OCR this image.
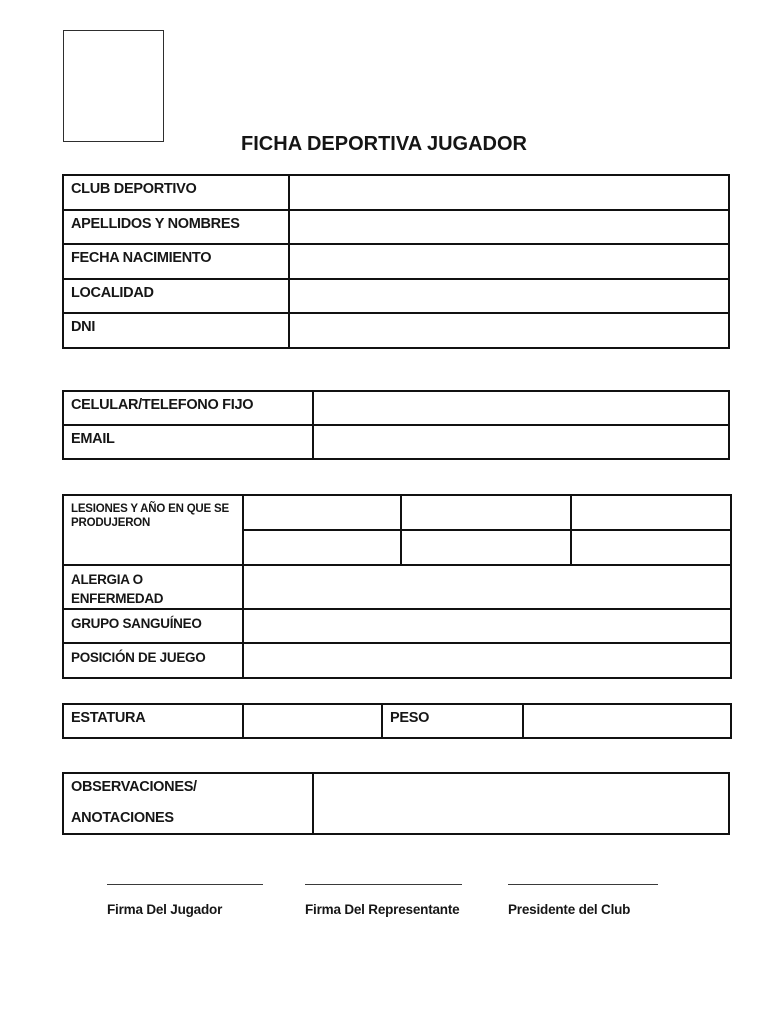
FICHA DEPORTIVA JUGADOR
CLUB DEPORTIVO	
APELLIDOS Y NOMBRES	
FECHA NACIMIENTO	
LOCALIDAD	
DNI	
CELULAR/TELEFONO FIJO	
EMAIL	
LESIONES Y AÑO EN QUE SE PRODUJERON			

ALERGIA O ENFERMEDAD			
GRUPO SANGUÍNEO			
POSICIÓN DE JUEGO			
ESTATURA		PESO	
OBSERVACIONES/
ANOTACIONES

Firma Del Jugador	Firma Del Representante	Presidente del Club
